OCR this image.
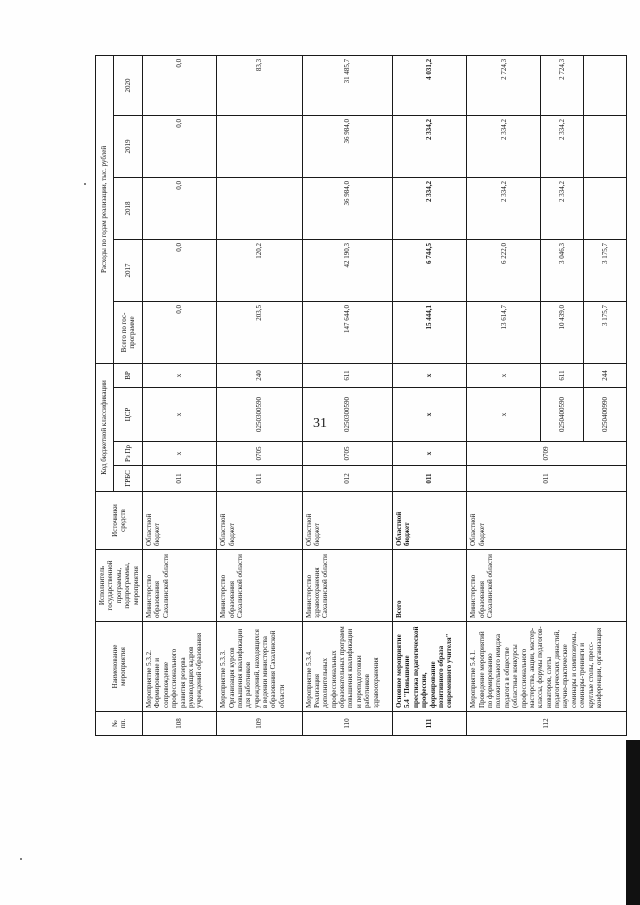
31
№ пп.	Наименование мероприятия	Исполнитель государственной программы, подпрограммы, мероприятия	Источники средств	Код бюджетной классификации				Расходы по годам реализации, тыс. рублей				
				ГРБС	Рз Пр	ЦСР	ВР	Всего по гос-программе	2017	2018	2019	2020
108	Мероприятие 5.3.2. Формирование и сопровождение профессионального развития резерва руководящих кадров учреждений образования	Министерство образования Сахалинской области	Областной бюджет	011	x	x	x	0,0	0,0	0,0	0,0	0,0
109	Мероприятие 5.3.3. Организация курсов повышения квалификации для работников учреждений, находящихся в ведении министерства образования Сахалинской области	Министерство образования Сахалинской области	Областной бюджет	011	0705	0250300590	240	203,5	120,2			83,3
110	Мероприятие 5.3.4. Реализация дополнительных профессиональных образовательных программ повышения квалификации и переподготовки работников здравоохранения	Министерство здравоохранения Сахалинской области	Областной бюджет	012	0705	0250300590	611	147 644,0	42 190,3	36 984,0	36 984,0	31 485,7
111	Основное мероприятие 5.4 "Повышение престижа педагогической профессии, формирование позитивного образа современного учителя"	Всего	Областной бюджет	011	x	x	x	15 444,1	6 744,5	2 334,2	2 334,2	4 031,2
112	Мероприятие 5.4.1. Проведение мероприятий по формированию положительного имиджа педагога в обществе (областные конкурсы профессионального мастерства, акции, мастер-классы, форумы педагогов-новаторов, слеты педагогических династий, научно-практические семинары и симпозиумы, семинары-тренинги и круглые столы, пресс-конференции, организация	Министерство образования Сахалинской области	Областной бюджет	011	0709	x	x	13 614,7	6 222,0	2 334,2	2 334,2	2 724,3
						0250400590	611	10 439,0	3 046,3	2 334,2	2 334,2	2 724,3
						0250400990	244	3 175,7	3 175,7			
